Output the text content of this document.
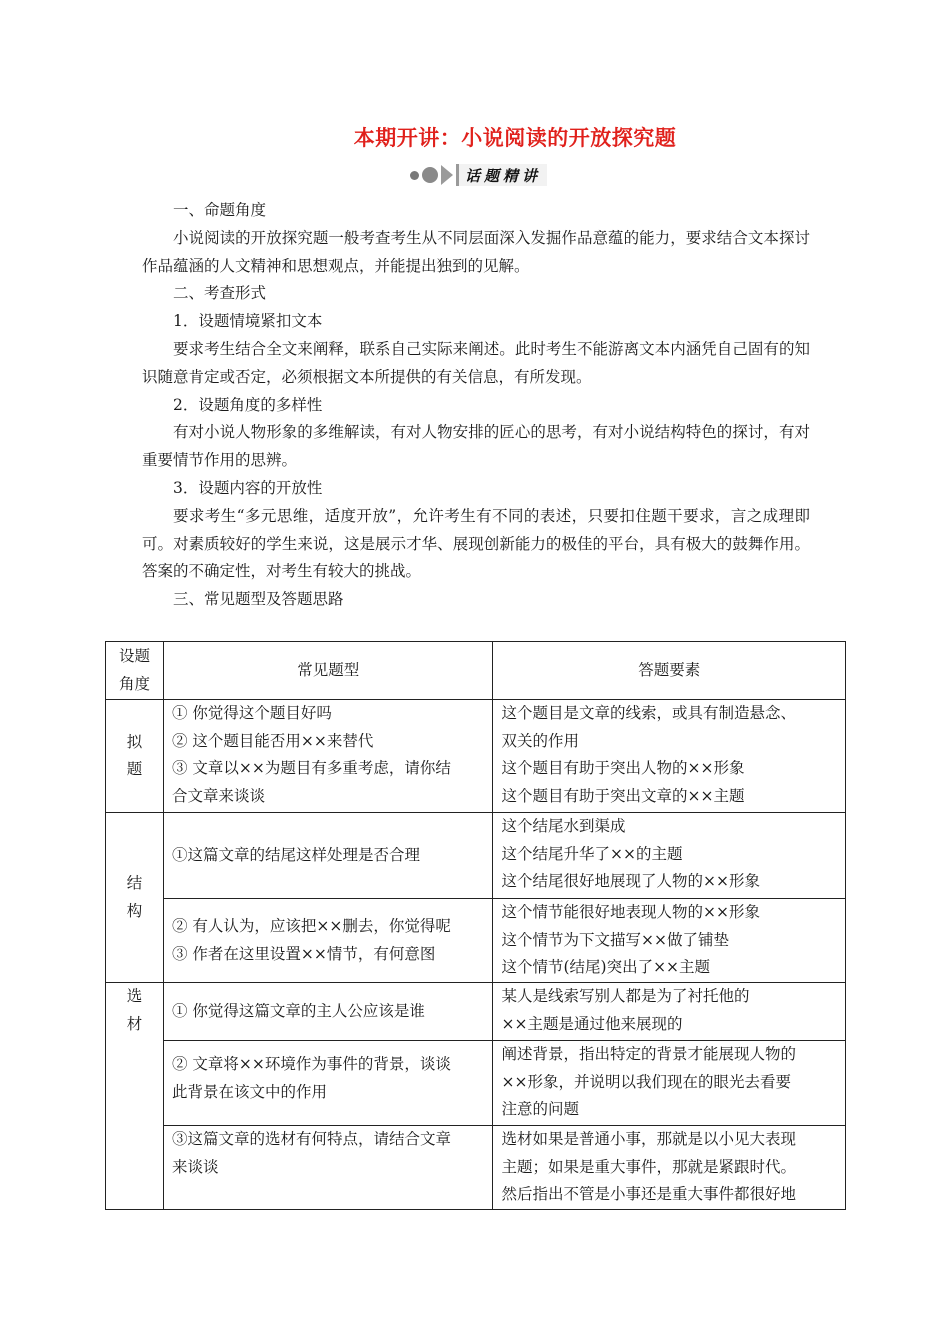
本期开讲：小说阅读的开放探究题
话题精讲

一、命题角度

小说阅读的开放探究题一般考查考生从不同层面深入发掘作品意蕴的能力，要求结合文本探讨作品蕴涵的人文精神和思想观点，并能提出独到的见解。

二、考查形式

1．设题情境紧扣文本

要求考生结合全文来阐释，联系自己实际来阐述。此时考生不能游离文本内涵凭自己固有的知识随意肯定或否定，必须根据文本所提供的有关信息，有所发现。

2．设题角度的多样性

有对小说人物形象的多维解读，有对人物安排的匠心的思考，有对小说结构特色的探讨，有对重要情节作用的思辨。

3．设题内容的开放性

要求考生“多元思维，适度开放”，允许考生有不同的表述，只要扣住题干要求，言之成理即可。对素质较好的学生来说，这是展示才华、展现创新能力的极佳的平台，具有极大的鼓舞作用。答案的不确定性，对考生有较大的挑战。

三、常见题型及答题思路

设题
角度	常见题型	答题要素

拟
题	① 你觉得这个题目好吗
② 这个题目能否用××来替代
③ 文章以××为题目有多重考虑，请你结
合文章来谈谈	这个题目是文章的线索，或具有制造悬念、
双关的作用
这个题目有助于突出人物的××形象
这个题目有助于突出文章的××主题

结
构	①这篇文章的结尾这样处理是否合理	这个结尾水到渠成
这个结尾升华了××的主题
这个结尾很好地展现了人物的××形象

	② 有人认为，应该把××删去，你觉得呢
③ 作者在这里设置××情节，有何意图	这个情节能很好地表现人物的××形象
这个情节为下文描写××做了铺垫
这个情节(结尾)突出了××主题

选
材	① 你觉得这篇文章的主人公应该是谁	某人是线索写别人都是为了衬托他的
××主题是通过他来展现的

	② 文章将××环境作为事件的背景，谈谈
此背景在该文中的作用	阐述背景，指出特定的背景才能展现人物的
××形象，并说明以我们现在的眼光去看要
注意的问题

	③这篇文章的选材有何特点，请结合文章
来谈谈	选材如果是普通小事，那就是以小见大表现
主题；如果是重大事件，那就是紧跟时代。
然后指出不管是小事还是重大事件都很好地
